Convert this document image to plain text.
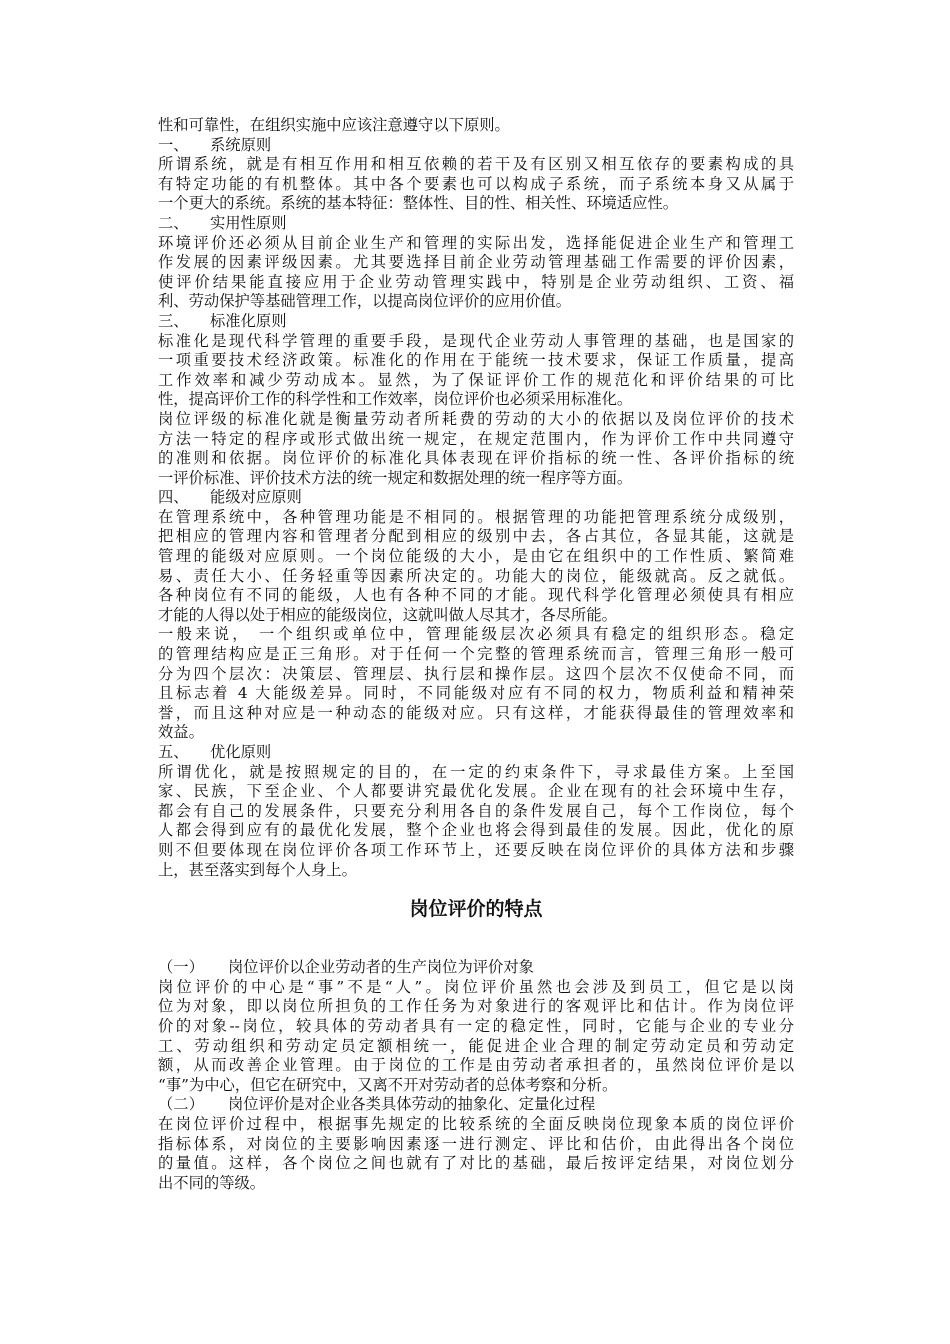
性和可靠性，在组织实施中应该注意遵守以下原则。
一、	系统原则
所谓系统，就是有相互作用和相互依赖的若干及有区别又相互依存的要素构成的具
有特定功能的有机整体。其中各个要素也可以构成子系统，而子系统本身又从属于
一个更大的系统。系统的基本特征：整体性、目的性、相关性、环境适应性。
二、	实用性原则
环境评价还必须从目前企业生产和管理的实际出发，选择能促进企业生产和管理工
作发展的因素评级因素。尤其要选择目前企业劳动管理基础工作需要的评价因素，
使评价结果能直接应用于企业劳动管理实践中，特别是企业劳动组织、工资、福
利、劳动保护等基础管理工作，以提高岗位评价的应用价值。
三、	标准化原则
标准化是现代科学管理的重要手段，是现代企业劳动人事管理的基础，也是国家的
一项重要技术经济政策。标准化的作用在于能统一技术要求，保证工作质量，提高
工作效率和减少劳动成本。显然，为了保证评价工作的规范化和评价结果的可比
性，提高评价工作的科学性和工作效率，岗位评价也必须采用标准化。
岗位评级的标准化就是衡量劳动者所耗费的劳动的大小的依据以及岗位评价的技术
方法一特定的程序或形式做出统一规定，在规定范围内，作为评价工作中共同遵守
的准则和依据。岗位评价的标准化具体表现在评价指标的统一性、各评价指标的统
一评价标准、评价技术方法的统一规定和数据处理的统一程序等方面。
四、	能级对应原则
在管理系统中，各种管理功能是不相同的。根据管理的功能把管理系统分成级别，
把相应的管理内容和管理者分配到相应的级别中去，各占其位，各显其能，这就是
管理的能级对应原则。一个岗位能级的大小，是由它在组织中的工作性质、繁简难
易、责任大小、任务轻重等因素所决定的。功能大的岗位，能级就高。反之就低。
各种岗位有不同的能级，人也有各种不同的才能。现代科学化管理必须使具有相应
才能的人得以处于相应的能级岗位，这就叫做人尽其才，各尽所能。
一般来说， 一个组织或单位中，管理能级层次必须具有稳定的组织形态。稳定
的管理结构应是正三角形。对于任何一个完整的管理系统而言，管理三角形一般可
分为四个层次：决策层、管理层、执行层和操作层。这四个层次不仅使命不同，而
且标志着 4 大能级差异。同时，不同能级对应有不同的权力，物质利益和精神荣
誉，而且这种对应是一种动态的能级对应。只有这样，才能获得最佳的管理效率和
效益。
五、	优化原则
所谓优化，就是按照规定的目的，在一定的约束条件下，寻求最佳方案。上至国
家、民族，下至企业、个人都要讲究最优化发展。企业在现有的社会环境中生存，
都会有自己的发展条件，只要充分利用各自的条件发展自己，每个工作岗位，每个
人都会得到应有的最优化发展，整个企业也将会得到最佳的发展。因此，优化的原
则不但要体现在岗位评价各项工作环节上，还要反映在岗位评价的具体方法和步骤
上，甚至落实到每个人身上。
岗位评价的特点
（一）	岗位评价以企业劳动者的生产岗位为评价对象
岗位评价的中心是“事”不是“人”。岗位评价虽然也会涉及到员工，但它是以岗
位为对象，即以岗位所担负的工作任务为对象进行的客观评比和估计。作为岗位评
价的对象--岗位，较具体的劳动者具有一定的稳定性，同时，它能与企业的专业分
工、劳动组织和劳动定员定额相统一，能促进企业合理的制定劳动定员和劳动定
额，从而改善企业管理。由于岗位的工作是由劳动者承担者的，虽然岗位评价是以
“事”为中心，但它在研究中，又离不开对劳动者的总体考察和分析。
（二）	岗位评价是对企业各类具体劳动的抽象化、定量化过程
在岗位评价过程中，根据事先规定的比较系统的全面反映岗位现象本质的岗位评价
指标体系，对岗位的主要影响因素逐一进行测定、评比和估价，由此得出各个岗位
的量值。这样，各个岗位之间也就有了对比的基础，最后按评定结果，对岗位划分
出不同的等级。
